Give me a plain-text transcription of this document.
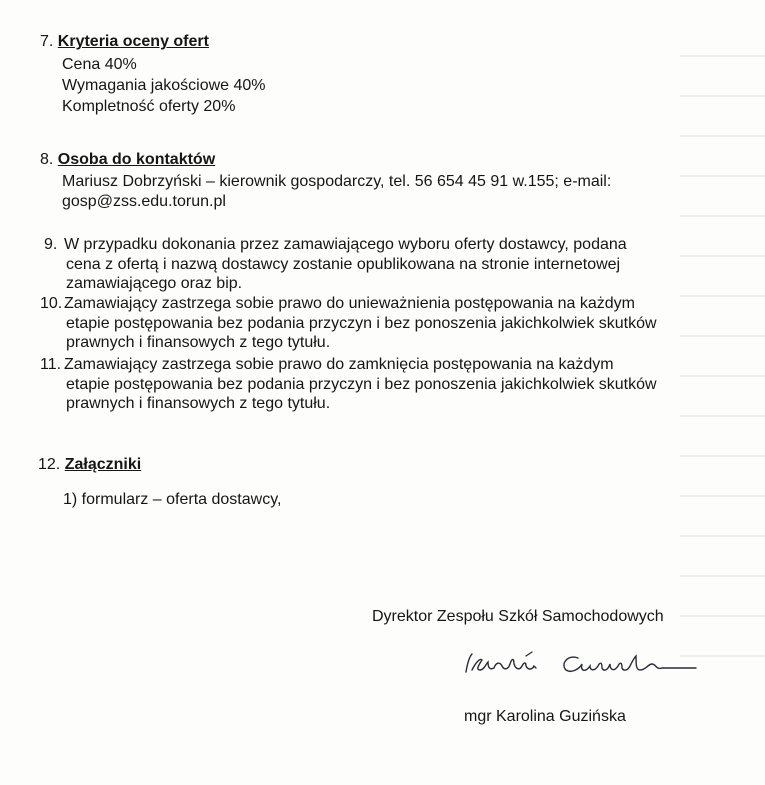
7. Kryteria oceny ofert
Cena 40%
Wymagania jakościowe 40%
Kompletność oferty 20%
8. Osoba do kontaktów
Mariusz Dobrzyński – kierownik gospodarczy, tel. 56 654 45 91 w.155; e-mail:
gosp@zss.edu.torun.pl
9. W przypadku dokonania przez zamawiającego wyboru oferty dostawcy, podana
cena z ofertą i nazwą dostawcy zostanie opublikowana na stronie internetowej
zamawiającego oraz bip.
10. Zamawiający zastrzega sobie prawo do unieważnienia postępowania na każdym
etapie postępowania bez podania przyczyn i bez ponoszenia jakichkolwiek skutków
prawnych i finansowych z tego tytułu.
11. Zamawiający zastrzega sobie prawo do zamknięcia postępowania na każdym
etapie postępowania bez podania przyczyn i bez ponoszenia jakichkolwiek skutków
prawnych i finansowych z tego tytułu.
12. Załączniki
1) formularz – oferta dostawcy,
Dyrektor Zespołu Szkół Samochodowych
mgr Karolina Guzińska
